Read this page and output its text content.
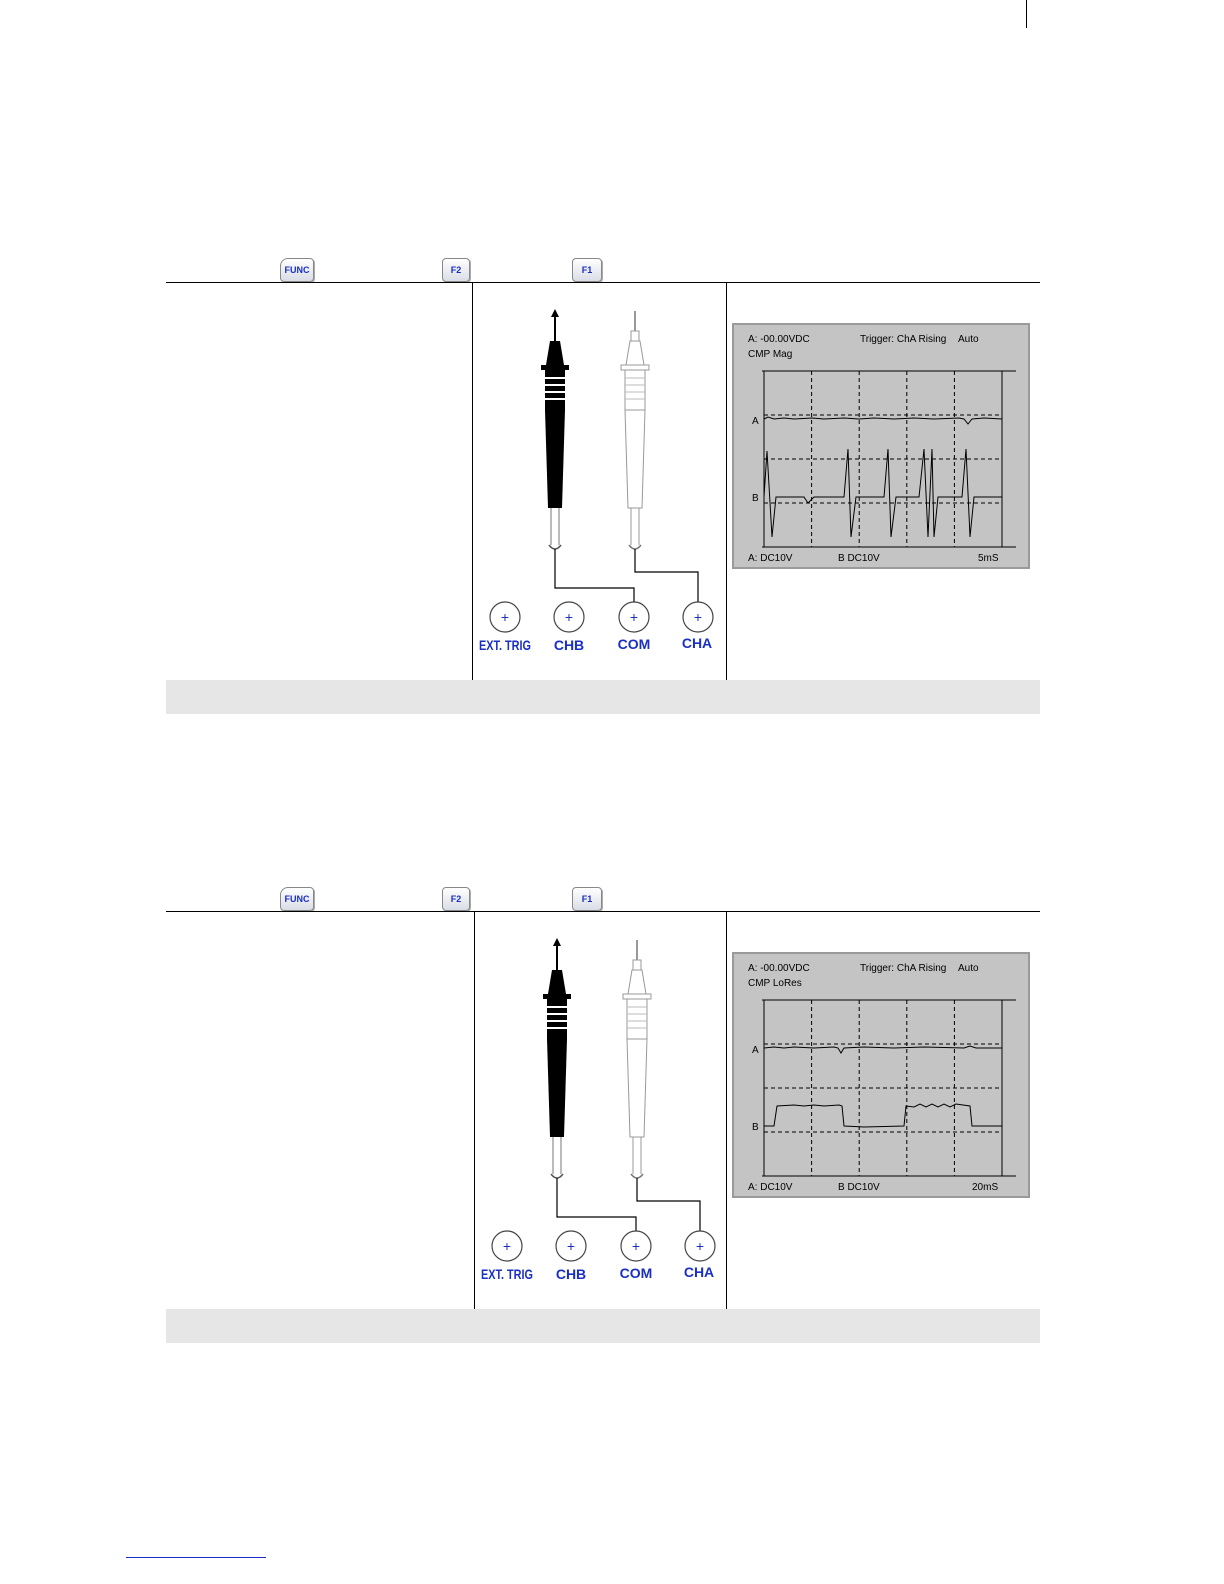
FUNC	F2	F1
+	+	+	+
EXT. TRIG CHB COM CHA
A: -00.00VDC	Trigger: ChA Rising Auto
CMP Mag
A
B
A: DC10V	B DC10V	5mS
FUNC	F2	F1
+	+	+	+
EXT. TRIG CHB COM CHA
A: -00.00VDC	Trigger: ChA Rising Auto
CMP LoRes
A
B
A: DC10V	B DC10V	20mS
